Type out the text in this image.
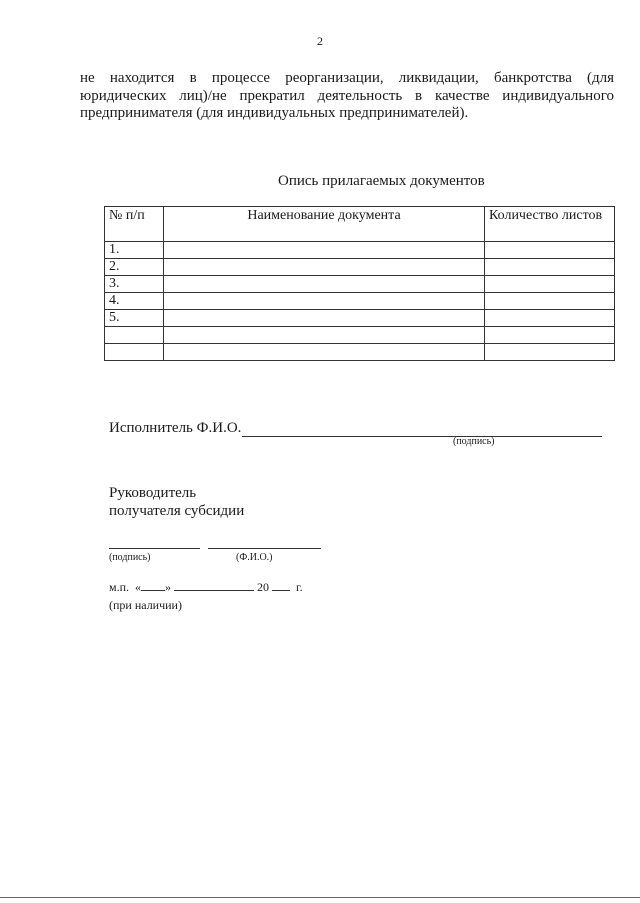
2
не находится в процессе реорганизации, ликвидации, банкротства (для
юридических лиц)/не прекратил деятельность в качестве индивидуального
предпринимателя (для индивидуальных предпринимателей).
Опись прилагаемых документов
№ п/п	Наименование документа	Количество листов
1.		
2.		
3.		
4.		
5.		

Исполнитель Ф.И.О.
(подпись)
Руководитель
получателя субсидии
(подпись)	(Ф.И.О.)
м.п. « »	20 г.
(при наличии)
